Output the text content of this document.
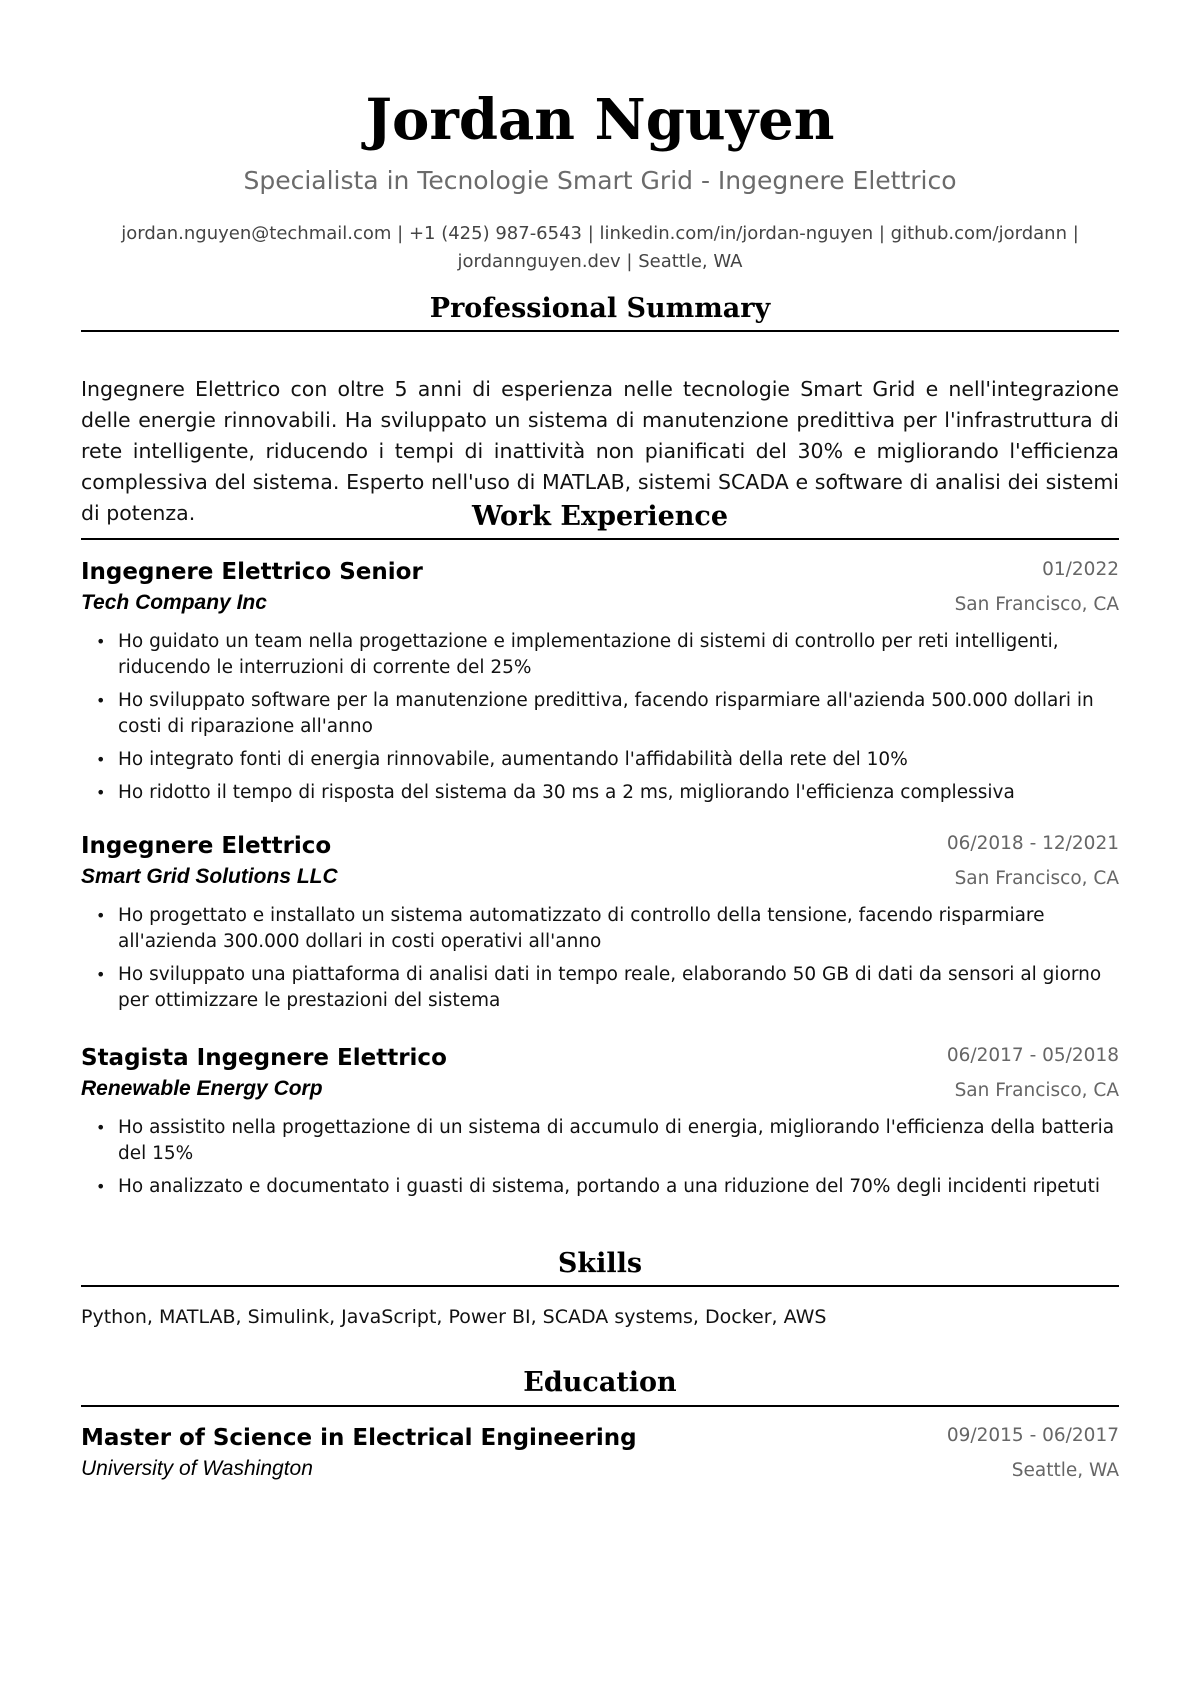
Jordan Nguyen
Specialista in Tecnologie Smart Grid - Ingegnere Elettrico
jordan.nguyen@techmail.com | +1 (425) 987-6543 | linkedin.com/in/jordan-nguyen | github.com/jordann |
jordannguyen.dev | Seattle, WA
Professional Summary
Ingegnere Elettrico con oltre 5 anni di esperienza nelle tecnologie Smart Grid e nell'integrazione delle energie rinnovabili. Ha sviluppato un sistema di manutenzione predittiva per l'infrastruttura di rete intelligente, riducendo i tempi di inattività non pianificati del 30% e migliorando l'efficienza complessiva del sistema. Esperto nell'uso di MATLAB, sistemi SCADA e software di analisi dei sistemi di potenza.	Work Experience
Ingegnere Elettrico Senior	01/2022
Tech Company Inc	San Francisco, CA
• Ho guidato un team nella progettazione e implementazione di sistemi di controllo per reti intelligenti, riducendo le interruzioni di corrente del 25%
• Ho sviluppato software per la manutenzione predittiva, facendo risparmiare all'azienda 500.000 dollari in costi di riparazione all'anno
• Ho integrato fonti di energia rinnovabile, aumentando l'affidabilità della rete del 10%
• Ho ridotto il tempo di risposta del sistema da 30 ms a 2 ms, migliorando l'efficienza complessiva
Ingegnere Elettrico	06/2018 - 12/2021
Smart Grid Solutions LLC	San Francisco, CA
• Ho progettato e installato un sistema automatizzato di controllo della tensione, facendo risparmiare all'azienda 300.000 dollari in costi operativi all'anno
• Ho sviluppato una piattaforma di analisi dati in tempo reale, elaborando 50 GB di dati da sensori al giorno per ottimizzare le prestazioni del sistema
Stagista Ingegnere Elettrico	06/2017 - 05/2018
Renewable Energy Corp	San Francisco, CA
• Ho assistito nella progettazione di un sistema di accumulo di energia, migliorando l'efficienza della batteria del 15%
• Ho analizzato e documentato i guasti di sistema, portando a una riduzione del 70% degli incidenti ripetuti
Skills
Python, MATLAB, Simulink, JavaScript, Power BI, SCADA systems, Docker, AWS
Education
Master of Science in Electrical Engineering	09/2015 - 06/2017
University of Washington	Seattle, WA
